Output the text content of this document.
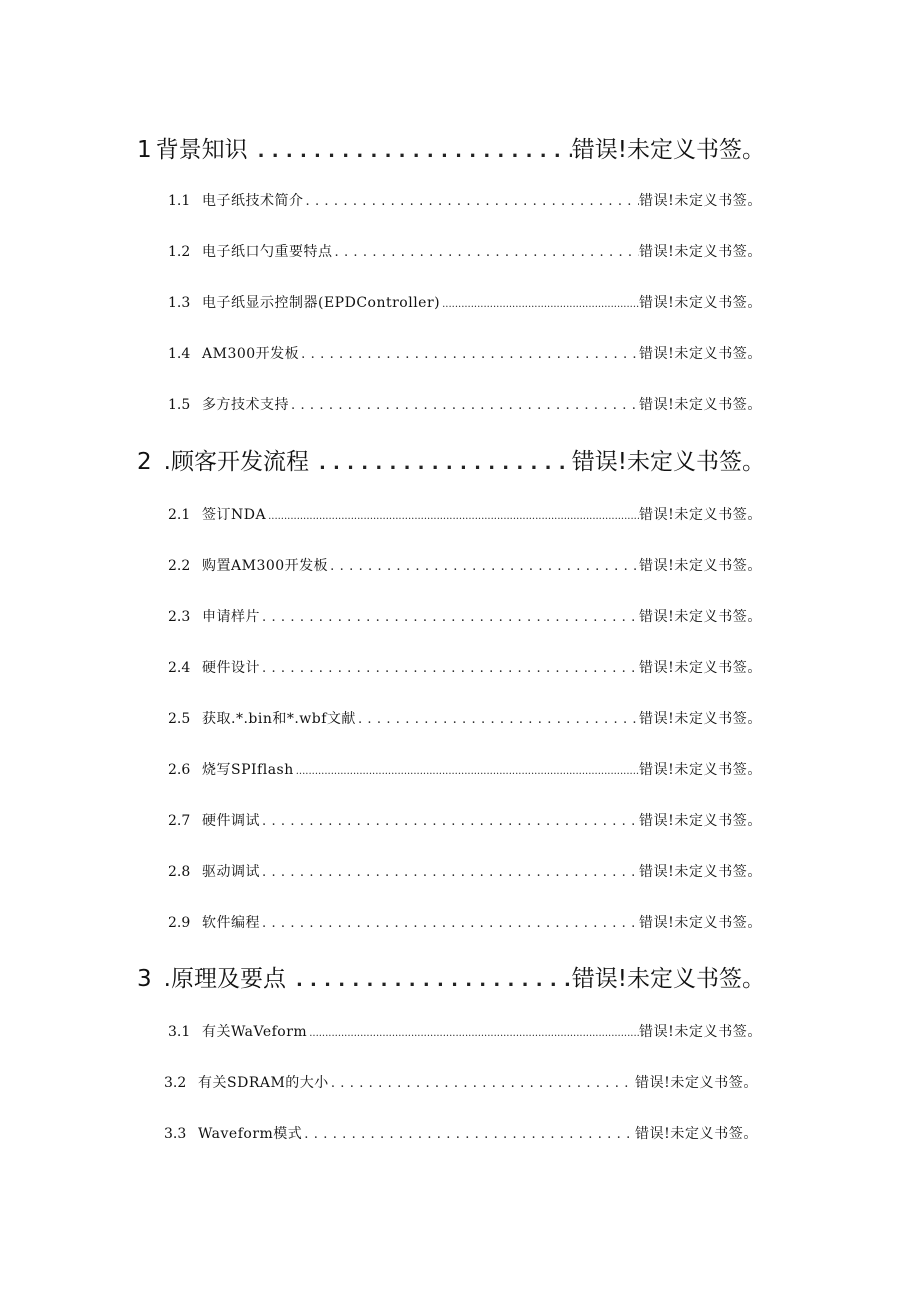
1 背景知识 . . .	错误!未定义书签。
1.1 电子纸技术简介 . . .	错误!未定义书签。
1.2 电子纸口勺重要特点 . . .	错误!未定义书签。
1.3 电子纸显示控制器(EPDController) .....	错误!未定义书签。
1.4 AM300开发板 . . .	错误!未定义书签。
1.5 多方技术支持 . . .	错误!未定义书签。
2 .顾客开发流程 . . .	错误!未定义书签。
2.1 签订NDA .....	错误!未定义书签。
2.2 购置AM300开发板 . . .	错误!未定义书签。
2.3 申请样片 . . .	错误!未定义书签。
2.4 硬件设计 . . .	错误!未定义书签。
2.5 获取.*.bin和*.wbf文献 . . .	错误!未定义书签。
2.6 烧写SPIflash .....	错误!未定义书签。
2.7 硬件调试 . . .	错误!未定义书签。
2.8 驱动调试 . . .	错误!未定义书签。
2.9 软件编程 . . .	错误!未定义书签。
3 .原理及要点 . . .	错误!未定义书签。
3.1 有关WaVeform .....	错误!未定义书签。
3.2 有关SDRAM的大小 . . .	错误!未定义书签。
3.3 Waveform模式 . . .	错误!未定义书签。
